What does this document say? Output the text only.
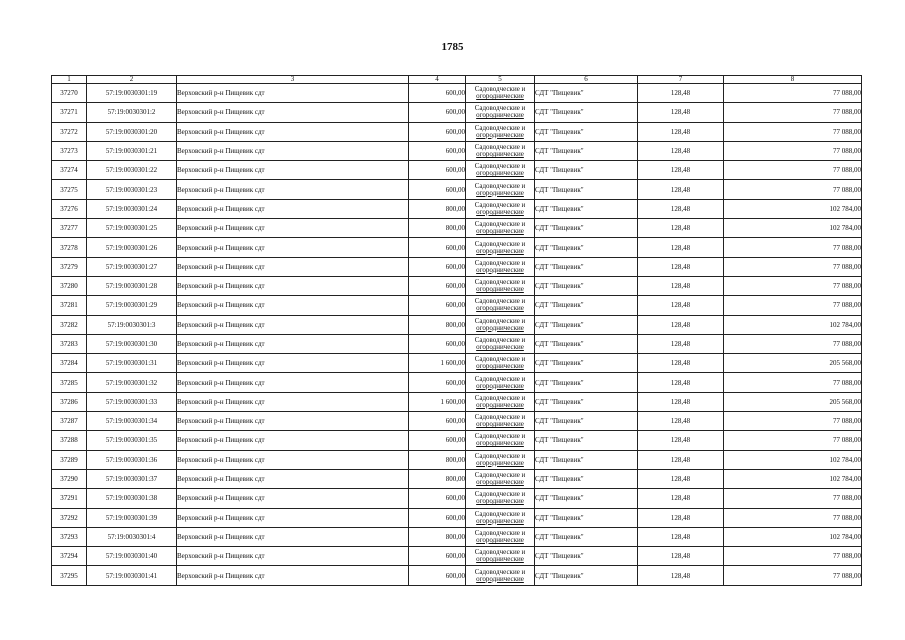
1785
1	2	3	4	5	6	7	8
37270	57:19:0030301:19	Верховский р-н Пищевик сдт	600,00	Садоводческие и
огороднические	СДТ "Пищевик"	128,48	77 088,00
37271	57:19:0030301:2	Верховский р-н Пищевик сдт	600,00	Садоводческие и
огороднические	СДТ "Пищевик"	128,48	77 088,00
37272	57:19:0030301:20	Верховский р-н Пищевик сдт	600,00	Садоводческие и
огороднические	СДТ "Пищевик"	128,48	77 088,00
37273	57:19:0030301:21	Верховский р-н Пищевик сдт	600,00	Садоводческие и
огороднические	СДТ "Пищевик"	128,48	77 088,00
37274	57:19:0030301:22	Верховский р-н Пищевик сдт	600,00	Садоводческие и
огороднические	СДТ "Пищевик"	128,48	77 088,00
37275	57:19:0030301:23	Верховский р-н Пищевик сдт	600,00	Садоводческие и
огороднические	СДТ "Пищевик"	128,48	77 088,00
37276	57:19:0030301:24	Верховский р-н Пищевик сдт	800,00	Садоводческие и
огороднические	СДТ "Пищевик"	128,48	102 784,00
37277	57:19:0030301:25	Верховский р-н Пищевик сдт	800,00	Садоводческие и
огороднические	СДТ "Пищевик"	128,48	102 784,00
37278	57:19:0030301:26	Верховский р-н Пищевик сдт	600,00	Садоводческие и
огороднические	СДТ "Пищевик"	128,48	77 088,00
37279	57:19:0030301:27	Верховский р-н Пищевик сдт	600,00	Садоводческие и
огороднические	СДТ "Пищевик"	128,48	77 088,00
37280	57:19:0030301:28	Верховский р-н Пищевик сдт	600,00	Садоводческие и
огороднические	СДТ "Пищевик"	128,48	77 088,00
37281	57:19:0030301:29	Верховский р-н Пищевик сдт	600,00	Садоводческие и
огороднические	СДТ "Пищевик"	128,48	77 088,00
37282	57:19:0030301:3	Верховский р-н Пищевик сдт	800,00	Садоводческие и
огороднические	СДТ "Пищевик"	128,48	102 784,00
37283	57:19:0030301:30	Верховский р-н Пищевик сдт	600,00	Садоводческие и
огороднические	СДТ "Пищевик"	128,48	77 088,00
37284	57:19:0030301:31	Верховский р-н Пищевик сдт	1 600,00	Садоводческие и
огороднические	СДТ "Пищевик"	128,48	205 568,00
37285	57:19:0030301:32	Верховский р-н Пищевик сдт	600,00	Садоводческие и
огороднические	СДТ "Пищевик"	128,48	77 088,00
37286	57:19:0030301:33	Верховский р-н Пищевик сдт	1 600,00	Садоводческие и
огороднические	СДТ "Пищевик"	128,48	205 568,00
37287	57:19:0030301:34	Верховский р-н Пищевик сдт	600,00	Садоводческие и
огороднические	СДТ "Пищевик"	128,48	77 088,00
37288	57:19:0030301:35	Верховский р-н Пищевик сдт	600,00	Садоводческие и
огороднические	СДТ "Пищевик"	128,48	77 088,00
37289	57:19:0030301:36	Верховский р-н Пищевик сдт	800,00	Садоводческие и
огороднические	СДТ "Пищевик"	128,48	102 784,00
37290	57:19:0030301:37	Верховский р-н Пищевик сдт	800,00	Садоводческие и
огороднические	СДТ "Пищевик"	128,48	102 784,00
37291	57:19:0030301:38	Верховский р-н Пищевик сдт	600,00	Садоводческие и
огороднические	СДТ "Пищевик"	128,48	77 088,00
37292	57:19:0030301:39	Верховский р-н Пищевик сдт	600,00	Садоводческие и
огороднические	СДТ "Пищевик"	128,48	77 088,00
37293	57:19:0030301:4	Верховский р-н Пищевик сдт	800,00	Садоводческие и
огороднические	СДТ "Пищевик"	128,48	102 784,00
37294	57:19:0030301:40	Верховский р-н Пищевик сдт	600,00	Садоводческие и
огороднические	СДТ "Пищевик"	128,48	77 088,00
37295	57:19:0030301:41	Верховский р-н Пищевик сдт	600,00	Садоводческие и
огороднические	СДТ "Пищевик"	128,48	77 088,00
